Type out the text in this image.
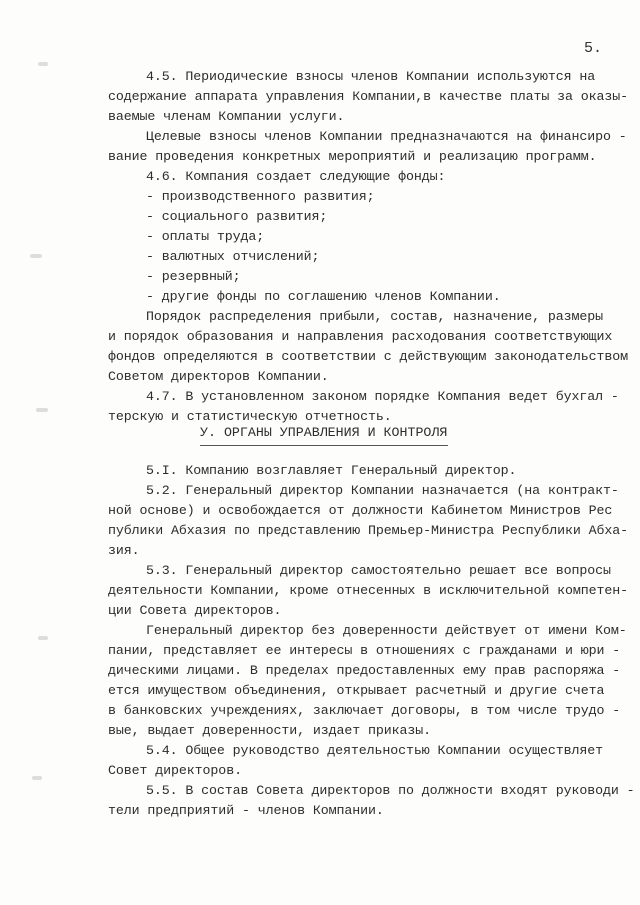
5.
4.5. Периодические взносы членов Компании используются на
содержание аппарата управления Компании,в качестве платы за оказы-
ваемые членам Компании услуги.
Целевые взносы членов Компании предназначаются на финансиро -
вание проведения конкретных мероприятий и реализацию программ.
4.6. Компания создает следующие фонды:
- производственного развития;
- социального развития;
- оплаты труда;
- валютных отчислений;
- резервный;
- другие фонды по соглашению членов Компании.
Порядок распределения прибыли, состав, назначение, размеры
и порядок образования и направления расходования соответствующих
фондов определяются в соответствии с действующим законодательством
Советом директоров Компании.
4.7. В установленном законом порядке Компания ведет бухгал -
терскую и статистическую отчетность.
У. ОРГАНЫ УПРАВЛЕНИЯ И КОНТРОЛЯ
5.I. Компанию возглавляет Генеральный директор.
5.2. Генеральный директор Компании назначается (на контракт-
ной основе) и освобождается от должности Кабинетом Министров Рес
публики Абхазия по представлению Премьер-Министра Республики Абха-
зия.
5.3. Генеральный директор самостоятельно решает все вопросы
деятельности Компании, кроме отнесенных в исключительной компетен-
ции Совета директоров.
Генеральный директор без доверенности действует от имени Ком-
пании, представляет ее интересы в отношениях с гражданами и юри -
дическими лицами. В пределах предоставленных ему прав распоряжа -
ется имуществом объединения, открывает расчетный и другие счета
в банковских учреждениях, заключает договоры, в том числе трудо -
вые, выдает доверенности, издает приказы.
5.4. Общее руководство деятельностью Компании осуществляет
Совет директоров.
5.5. В состав Совета директоров по должности входят руководи -
тели предприятий - членов Компании.
